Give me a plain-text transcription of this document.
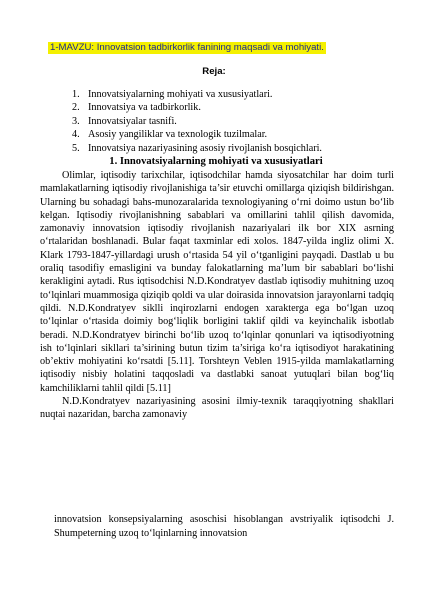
1-MAVZU: Innovatsion tadbirkorlik fanining maqsadi va mohiyati.
Reja:
1. Innovatsiyalarning mohiyati va xususiyatlari.
2. Innovatsiya va tadbirkorlik.
3. Innovatsiyalar tasnifi.
4. Asosiy yangiliklar va texnologik tuzilmalar.
5. Innovatsiya nazariyasining asosiy rivojlanish bosqichlari.
1. Innovatsiyalarning mohiyati va xususiyatlari

Olimlar, iqtisodiy tarixchilar, iqtisodchilar hamda siyosatchilar har doim turli mamlakatlarning iqtisodiy rivojlanishiga ta’sir etuvchi omillarga qiziqish bildirishgan. Ularning bu sohadagi bahs-munozaralarida texnologiyaning o‘rni doimo ustun bo‘lib kelgan. Iqtisodiy rivojlanishning sabablari va omillarini tahlil qilish davomida, zamonaviy innovatsion iqtisodiy rivojlanish nazariyalari ilk bor XIX asrning o‘rtalaridan boshlanadi. Bular faqat taxminlar edi xolos. 1847-yilda ingliz olimi X. Klark 1793-1847-yillardagi urush o‘rtasida 54 yil o‘tganligini payqadi. Dastlab u bu oraliq tasodifiy emasligini va bunday falokatlarning ma’lum bir sabablari bo‘lishi kerakligini aytadi. Rus iqtisodchisi N.D.Kondratyev dastlab iqtisodiy muhitning uzoq to‘lqinlari muammosiga qiziqib qoldi va ular doirasida innovatsion jarayonlarni tadqiq qildi. N.D.Kondratyev siklli inqirozlarni endogen xarakterga ega bo‘lgan uzoq to‘lqinlar o‘rtasida doimiy bog‘liqlik borligini taklif qildi va keyinchalik isbotlab beradi. N.D.Kondratyev birinchi bo‘lib uzoq to‘lqinlar qonunlari va iqtisodiyotning ish to‘lqinlari sikllari ta’sirining butun tizim ta’siriga ko‘ra iqtisodiyot harakatining ob’ektiv mohiyatini ko‘rsatdi [5.11]. Torshteyn Veblen 1915-yilda mamlakatlarning iqtisodiy nisbiy holatini taqqosladi va dastlabki sanoat yutuqlari bilan bog‘liq kamchiliklarni tahlil qildi [5.11]

N.D.Kondratyev nazariyasining asosini ilmiy-texnik taraqqiyotning shakllari nuqtai nazaridan, barcha zamonaviy

innovatsion konsepsiyalarning asoschisi hisoblangan avstriyalik iqtisodchi J. Shumpeterning uzoq to‘lqinlarning innovatsion
